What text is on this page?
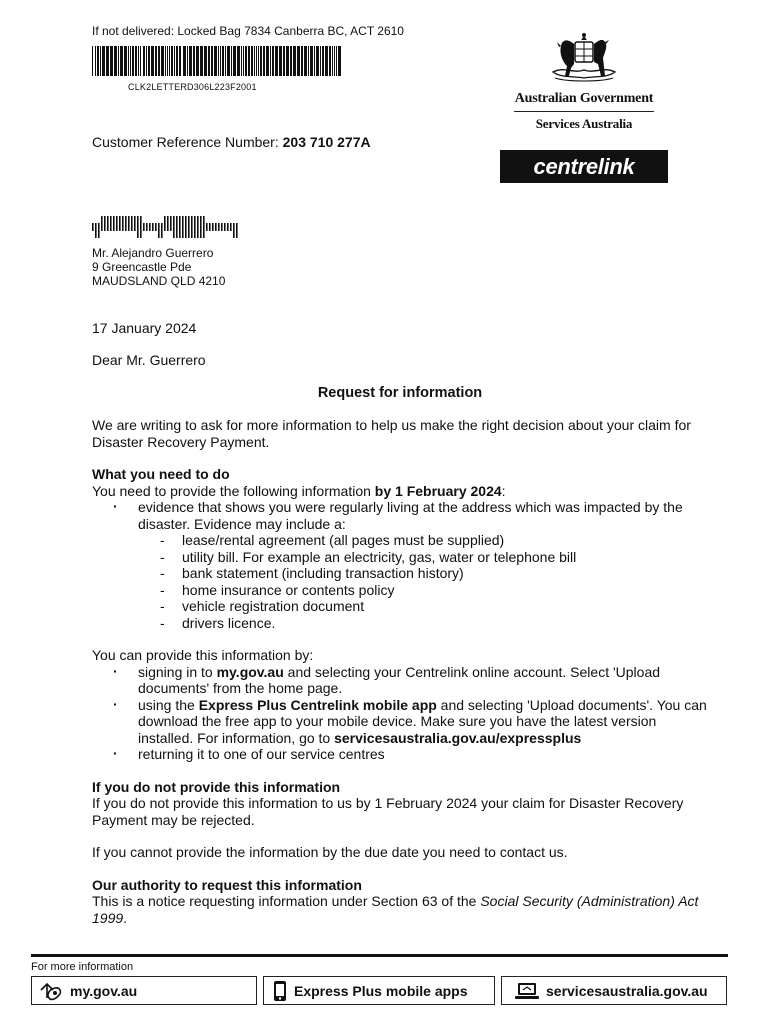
If not delivered: Locked Bag 7834 Canberra BC, ACT 2610
CLK2LETTERD306L223F2001
Australian Government
Services Australia
centrelink
Customer Reference Number: 203 710 277A
Mr. Alejandro Guerrero
9 Greencastle Pde
MAUDSLAND QLD 4210
17 January 2024
Dear Mr. Guerrero
Request for information

We are writing to ask for more information to help us make the right decision about your claim for Disaster Recovery Payment.

What you need to do

You need to provide the following information by 1 February 2024:

· evidence that shows you were regularly living at the address which was impacted by the disaster. Evidence may include a:
- lease/rental agreement (all pages must be supplied)
- utility bill. For example an electricity, gas, water or telephone bill
- bank statement (including transaction history)
- home insurance or contents policy
- vehicle registration document
- drivers licence.

You can provide this information by:

· signing in to my.gov.au and selecting your Centrelink online account. Select 'Upload documents' from the home page.
· using the Express Plus Centrelink mobile app and selecting 'Upload documents'. You can download the free app to your mobile device. Make sure you have the latest version installed. For information, go to servicesaustralia.gov.au/expressplus
· returning it to one of our service centres

If you do not provide this information

If you do not provide this information to us by 1 February 2024 your claim for Disaster Recovery Payment may be rejected.

If you cannot provide the information by the due date you need to contact us.

Our authority to request this information

This is a notice requesting information under Section 63 of the Social Security (Administration) Act 1999.

For more information
my.gov.au	Express Plus mobile apps	servicesaustralia.gov.au
